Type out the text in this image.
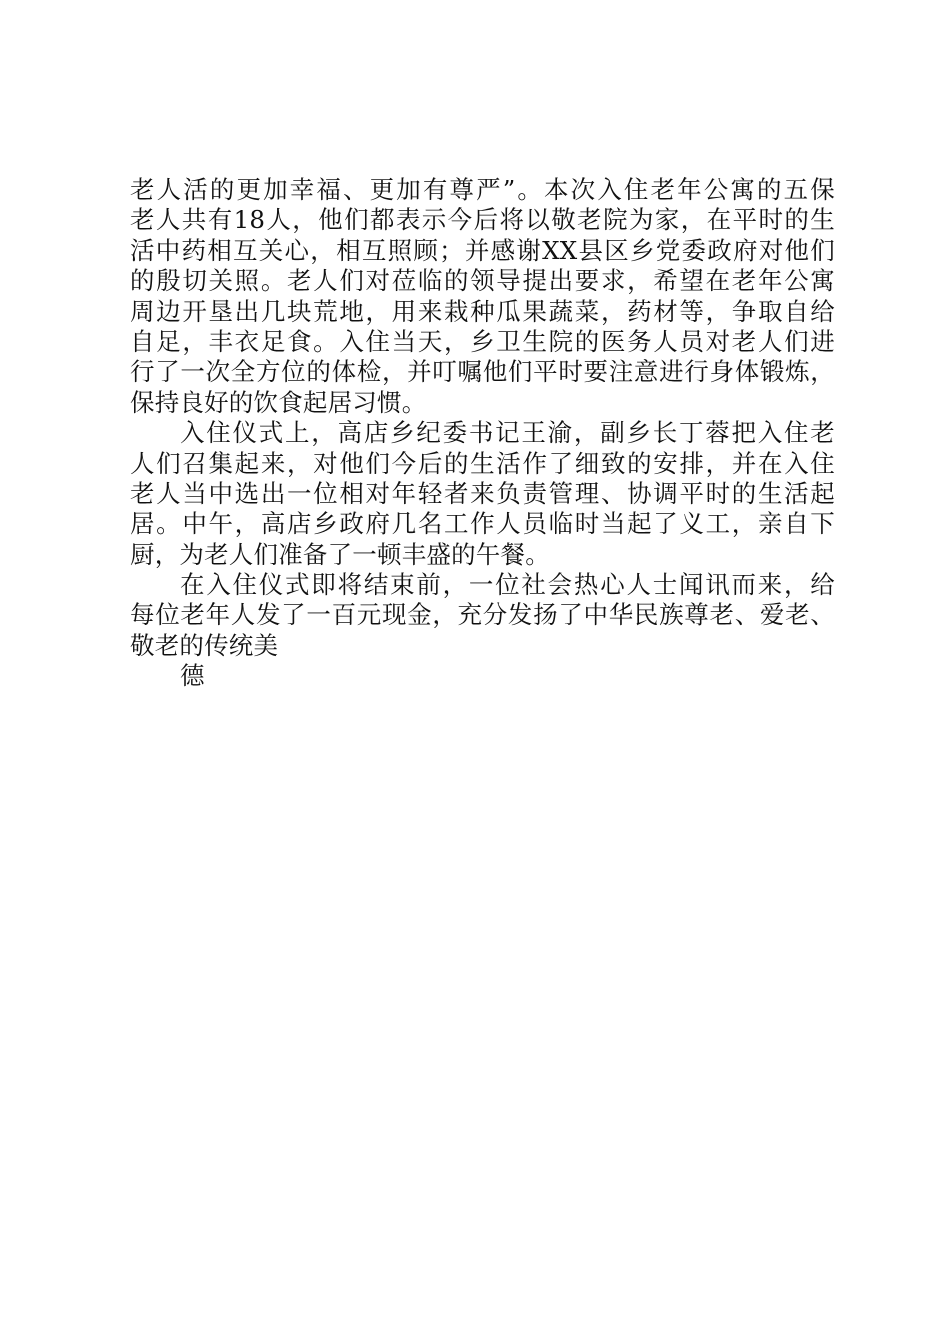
老人活的更加幸福、更加有尊严”。本次入住老年公寓的五保
老人共有18人，他们都表示今后将以敬老院为家，在平时的生
活中药相互关心，相互照顾；并感谢XX县区乡党委政府对他们
的殷切关照。老人们对莅临的领导提出要求，希望在老年公寓
周边开垦出几块荒地，用来栽种瓜果蔬菜，药材等，争取自给
自足，丰衣足食。入住当天，乡卫生院的医务人员对老人们进
行了一次全方位的体检，并叮嘱他们平时要注意进行身体锻炼，
保持良好的饮食起居习惯。
入住仪式上，高店乡纪委书记王渝，副乡长丁蓉把入住老
人们召集起来，对他们今后的生活作了细致的安排，并在入住
老人当中选出一位相对年轻者来负责管理、协调平时的生活起
居。中午，高店乡政府几名工作人员临时当起了义工，亲自下
厨，为老人们准备了一顿丰盛的午餐。
在入住仪式即将结束前，一位社会热心人士闻讯而来，给
每位老年人发了一百元现金，充分发扬了中华民族尊老、爱老、
敬老的传统美
德
